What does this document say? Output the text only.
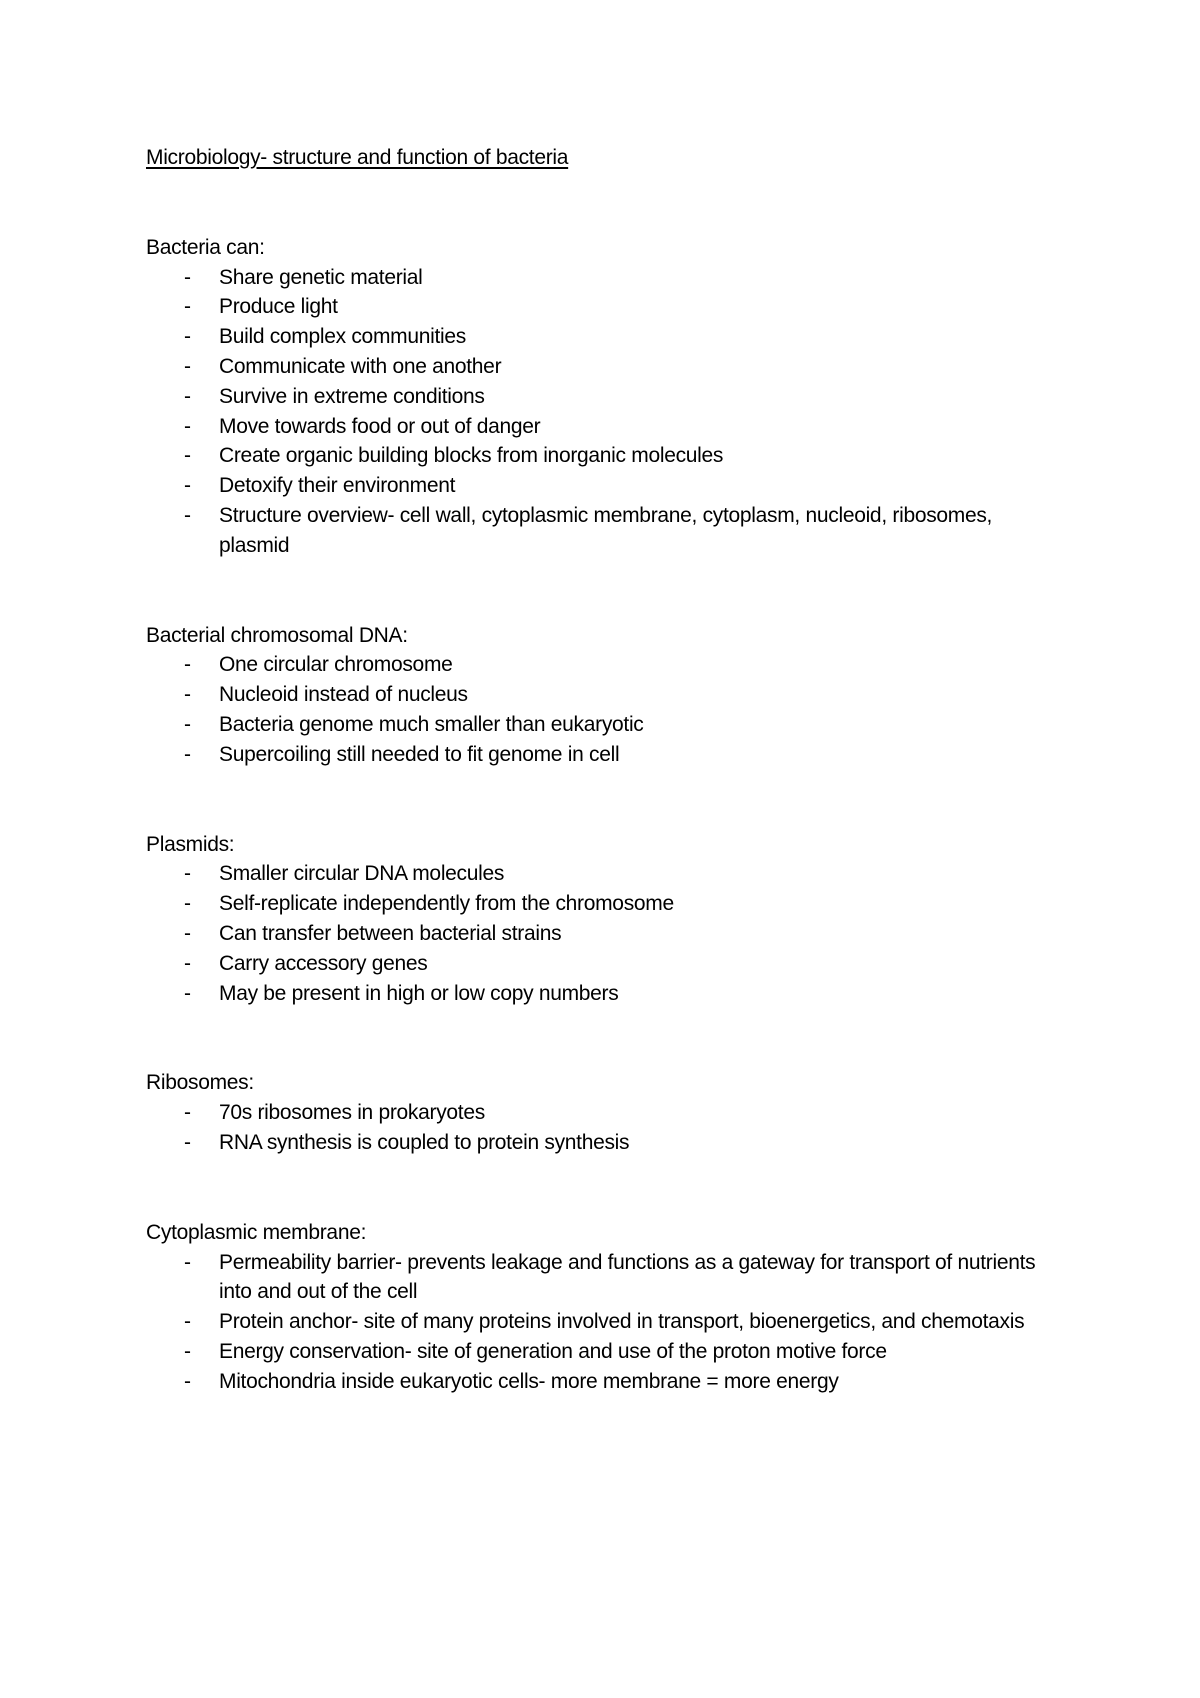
Microbiology- structure and function of bacteria
Bacteria can:
- Share genetic material
- Produce light
- Build complex communities
- Communicate with one another
- Survive in extreme conditions
- Move towards food or out of danger
- Create organic building blocks from inorganic molecules
- Detoxify their environment
- Structure overview- cell wall, cytoplasmic membrane, cytoplasm, nucleoid, ribosomes, plasmid
Bacterial chromosomal DNA:
- One circular chromosome
- Nucleoid instead of nucleus
- Bacteria genome much smaller than eukaryotic
- Supercoiling still needed to fit genome in cell
Plasmids:
- Smaller circular DNA molecules
- Self-replicate independently from the chromosome
- Can transfer between bacterial strains
- Carry accessory genes
- May be present in high or low copy numbers
Ribosomes:
- 70s ribosomes in prokaryotes
- RNA synthesis is coupled to protein synthesis
Cytoplasmic membrane:
- Permeability barrier- prevents leakage and functions as a gateway for transport of nutrients into and out of the cell
- Protein anchor- site of many proteins involved in transport, bioenergetics, and chemotaxis
- Energy conservation- site of generation and use of the proton motive force
- Mitochondria inside eukaryotic cells- more membrane = more energy
